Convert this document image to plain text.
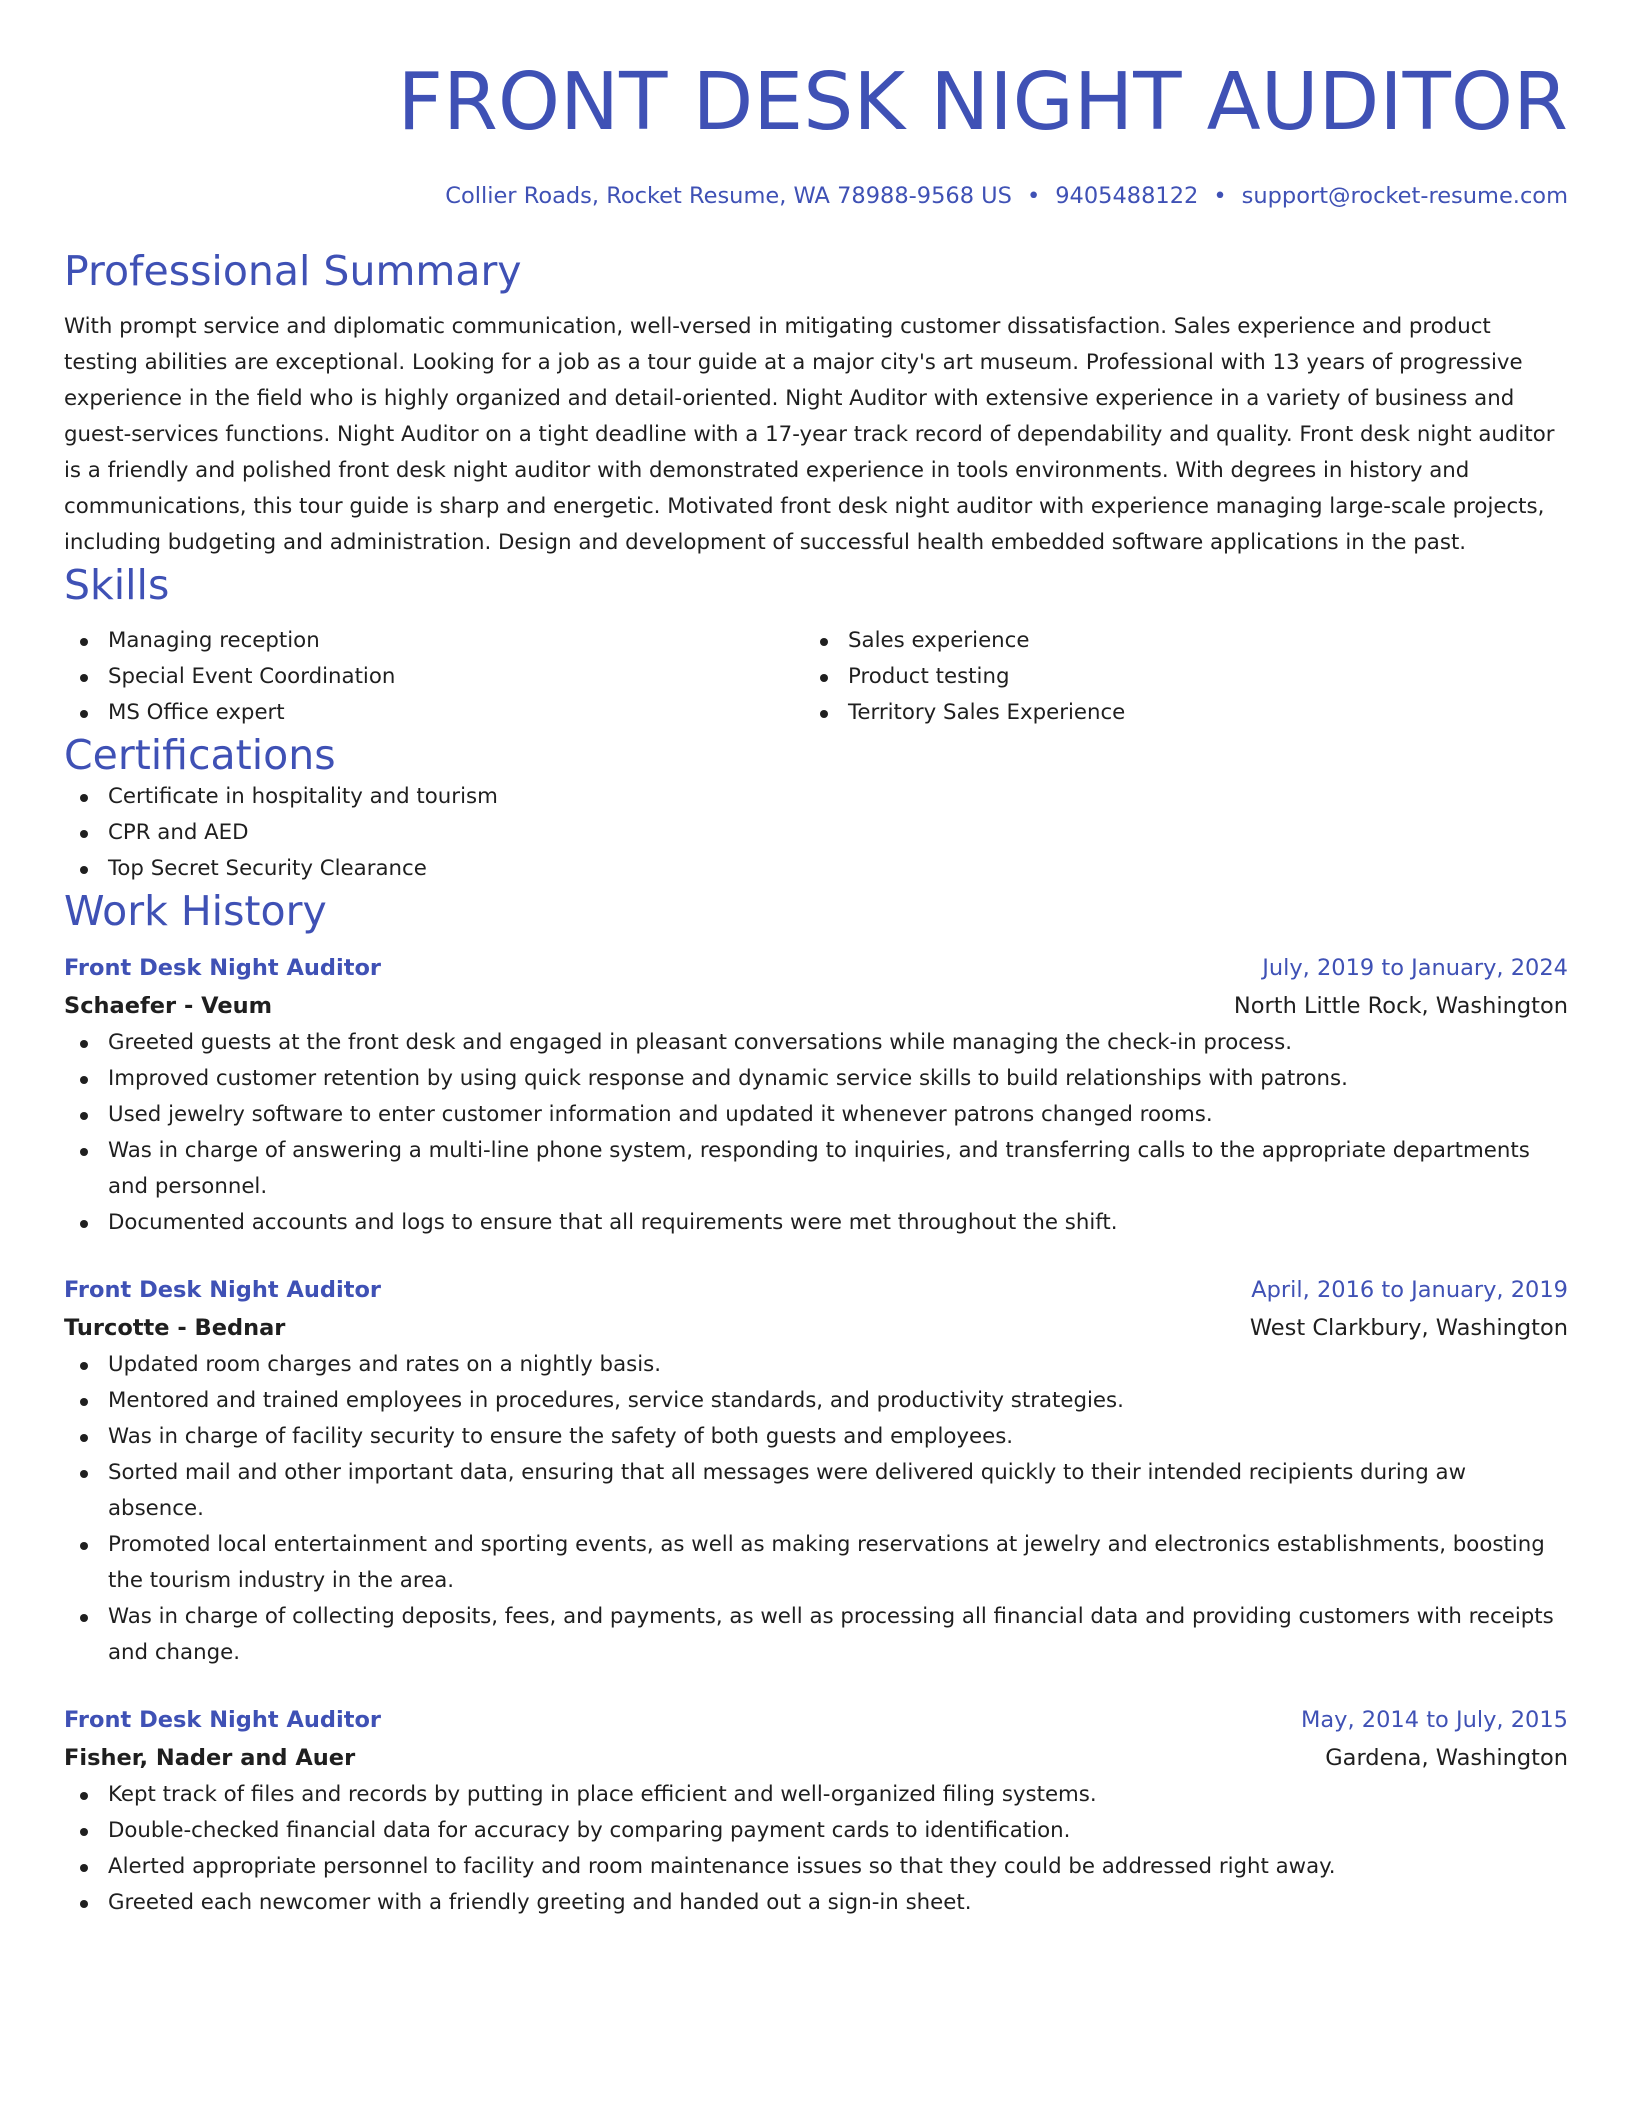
FRONT DESK NIGHT AUDITOR
Collier Roads, Rocket Resume, WA 78988-9568 US • 9405488122 • support@rocket-resume.com
Professional Summary
With prompt service and diplomatic communication, well-versed in mitigating customer dissatisfaction. Sales experience and product testing abilities are exceptional. Looking for a job as a tour guide at a major city's art museum. Professional with 13 years of progressive experience in the field who is highly organized and detail-oriented. Night Auditor with extensive experience in a variety of business and guest-services functions. Night Auditor on a tight deadline with a 17-year track record of dependability and quality. Front desk night auditor is a friendly and polished front desk night auditor with demonstrated experience in tools environments. With degrees in history and communications, this tour guide is sharp and energetic. Motivated front desk night auditor with experience managing large-scale projects, including budgeting and administration. Design and development of successful health embedded software applications in the past.
Skills
Managing reception
Special Event Coordination
MS Office expert
Sales experience
Product testing
Territory Sales Experience
Certifications
Certificate in hospitality and tourism
CPR and AED
Top Secret Security Clearance
Work History
Front Desk Night Auditor	July, 2019 to January, 2024
Schaefer - Veum	North Little Rock, Washington
Greeted guests at the front desk and engaged in pleasant conversations while managing the check-in process.
Improved customer retention by using quick response and dynamic service skills to build relationships with patrons.
Used jewelry software to enter customer information and updated it whenever patrons changed rooms.
Was in charge of answering a multi-line phone system, responding to inquiries, and transferring calls to the appropriate departments and personnel.
Documented accounts and logs to ensure that all requirements were met throughout the shift.
Front Desk Night Auditor	April, 2016 to January, 2019
Turcotte - Bednar	West Clarkbury, Washington
Updated room charges and rates on a nightly basis.
Mentored and trained employees in procedures, service standards, and productivity strategies.
Was in charge of facility security to ensure the safety of both guests and employees.
Sorted mail and other important data, ensuring that all messages were delivered quickly to their intended recipients during aw absence.
Promoted local entertainment and sporting events, as well as making reservations at jewelry and electronics establishments, boosting the tourism industry in the area.
Was in charge of collecting deposits, fees, and payments, as well as processing all financial data and providing customers with receipts and change.
Front Desk Night Auditor	May, 2014 to July, 2015
Fisher, Nader and Auer	Gardena, Washington
Kept track of files and records by putting in place efficient and well-organized filing systems.
Double-checked financial data for accuracy by comparing payment cards to identification.
Alerted appropriate personnel to facility and room maintenance issues so that they could be addressed right away.
Greeted each newcomer with a friendly greeting and handed out a sign-in sheet.
